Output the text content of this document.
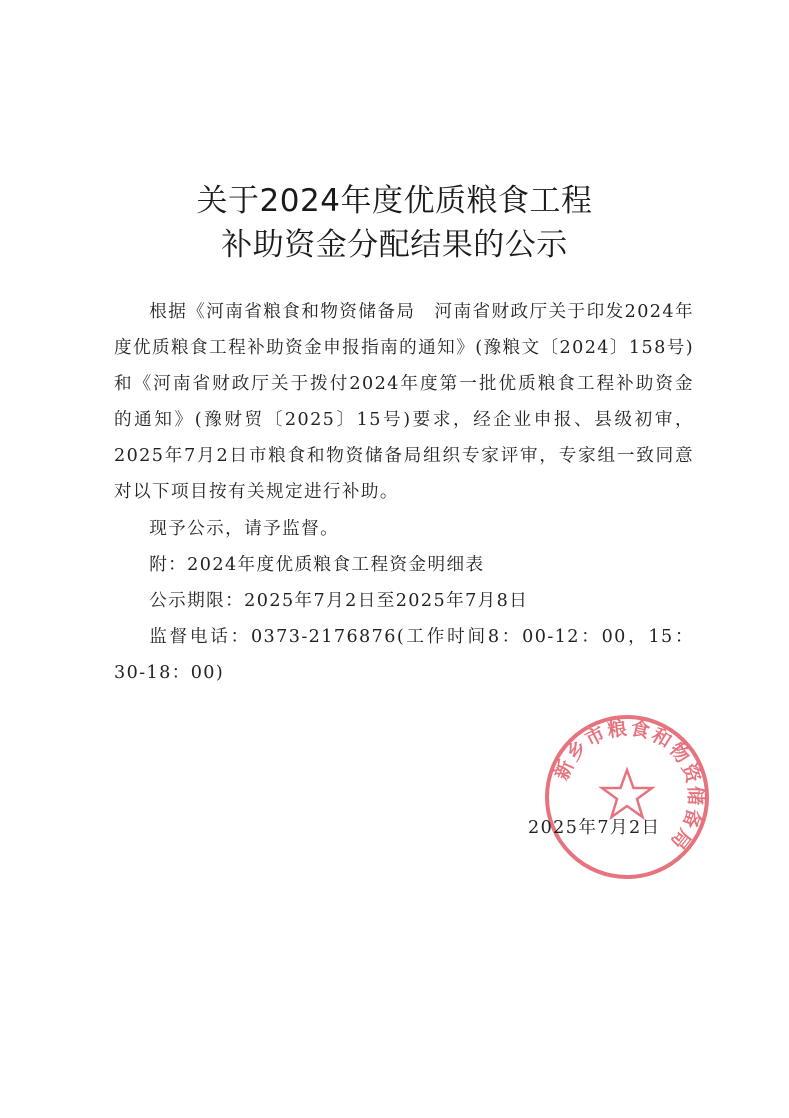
关于2024年度优质粮食工程
补助资金分配结果的公示

根据《河南省粮食和物资储备局　河南省财政厅关于印发2024年度优质粮食工程补助资金申报指南的通知》(豫粮文〔2024〕158号)和《河南省财政厅关于拨付2024年度第一批优质粮食工程补助资金的通知》(豫财贸〔2025〕15号)要求，经企业申报、县级初审，2025年7月2日市粮食和物资储备局组织专家评审，专家组一致同意对以下项目按有关规定进行补助。

现予公示，请予监督。

附：2024年度优质粮食工程资金明细表

公示期限：2025年7月2日至2025年7月8日

监督电话：0373-2176876(工作时间8：00-12：00，15：30-18：00)

新乡市粮食和物资储备局
2025年7月2日
